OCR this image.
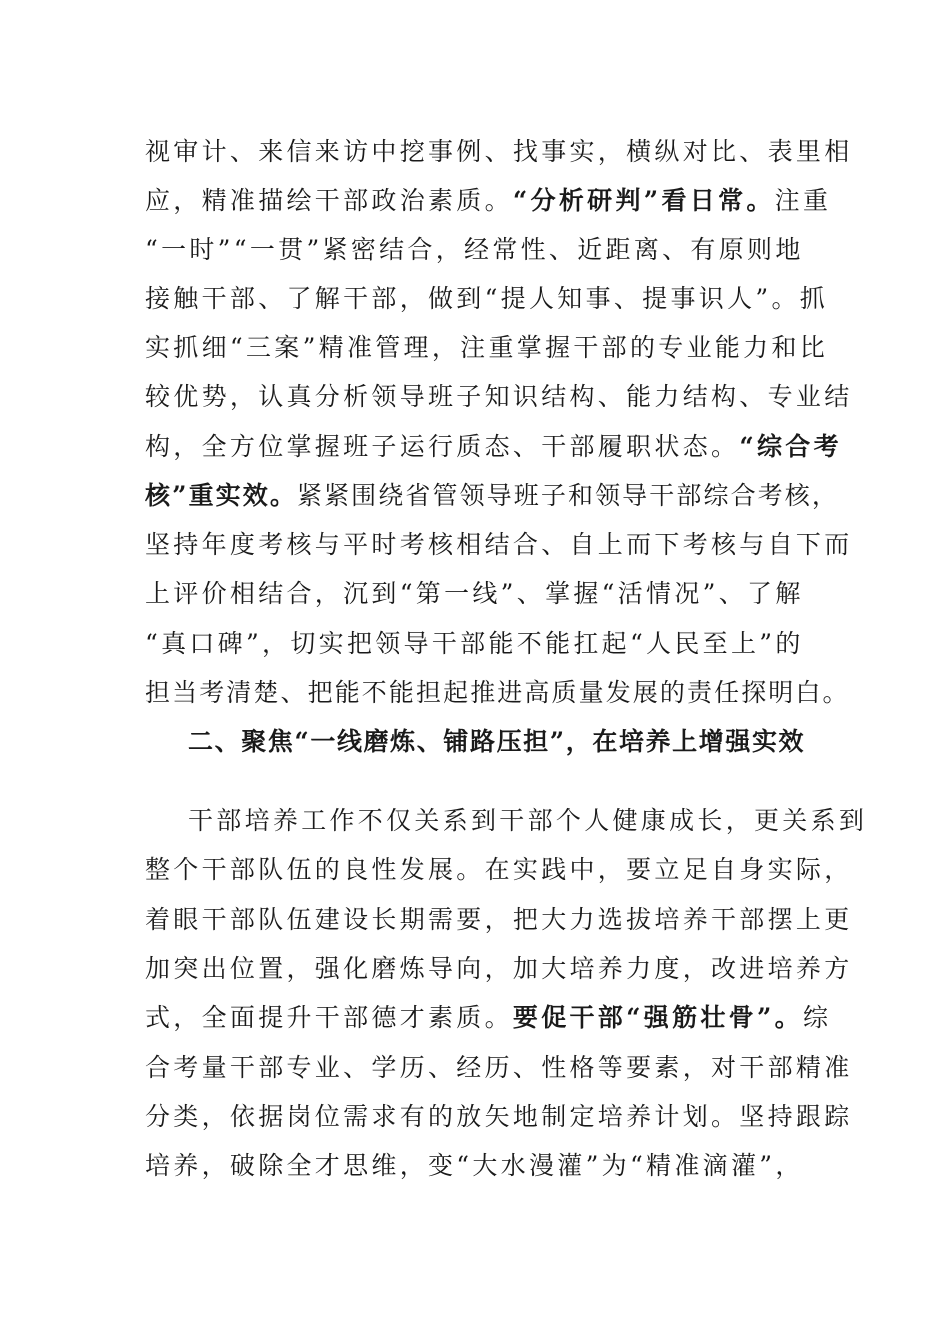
视审计、来信来访中挖事例、找事实，横纵对比、表里相
应，精准描绘干部政治素质。“分析研判”看日常。注重
“一时”“一贯”紧密结合，经常性、近距离、有原则地
接触干部、了解干部，做到“提人知事、提事识人”。抓
实抓细“三案”精准管理，注重掌握干部的专业能力和比
较优势，认真分析领导班子知识结构、能力结构、专业结
构，全方位掌握班子运行质态、干部履职状态。“综合考
核”重实效。紧紧围绕省管领导班子和领导干部综合考核，
坚持年度考核与平时考核相结合、自上而下考核与自下而
上评价相结合，沉到“第一线”、掌握“活情况”、了解
“真口碑”，切实把领导干部能不能扛起“人民至上”的
担当考清楚、把能不能担起推进高质量发展的责任探明白。
二、聚焦“一线磨炼、铺路压担”，在培养上增强实效
干部培养工作不仅关系到干部个人健康成长，更关系到
整个干部队伍的良性发展。在实践中，要立足自身实际，
着眼干部队伍建设长期需要，把大力选拔培养干部摆上更
加突出位置，强化磨炼导向，加大培养力度，改进培养方
式，全面提升干部德才素质。要促干部“强筋壮骨”。综
合考量干部专业、学历、经历、性格等要素，对干部精准
分类，依据岗位需求有的放矢地制定培养计划。坚持跟踪
培养，破除全才思维，变“大水漫灌”为“精准滴灌”，
